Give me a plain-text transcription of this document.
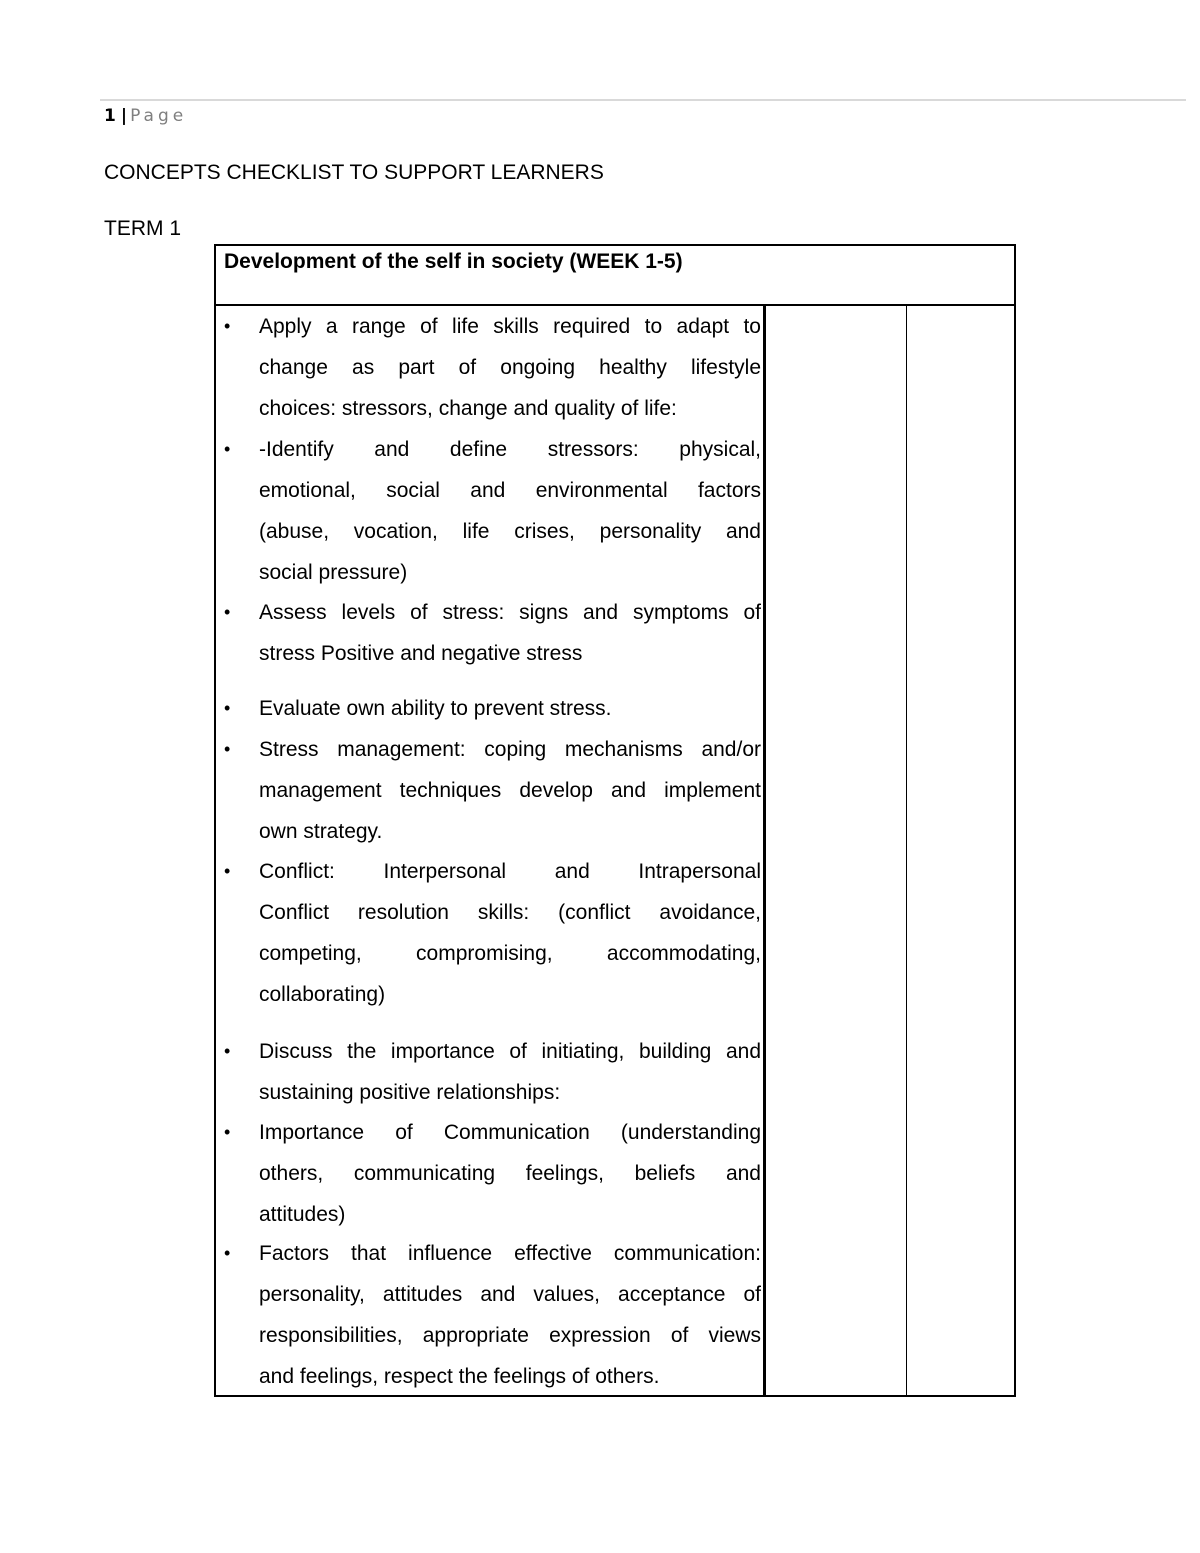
1 | Page
CONCEPTS CHECKLIST TO SUPPORT LEARNERS
TERM 1
Development of the self in society (WEEK 1-5)
•	Apply a range of life skills required to adapt to
change as part of ongoing healthy lifestyle
choices: stressors, change and quality of life:
•	-Identify and define stressors: physical,
emotional, social and environmental factors
(abuse, vocation, life crises, personality and
social pressure)
•	Assess levels of stress: signs and symptoms of
stress Positive and negative stress
•	Evaluate own ability to prevent stress.
•	Stress management: coping mechanisms and/or
management techniques develop and implement
own strategy.
•	Conflict: Interpersonal and Intrapersonal
Conflict resolution skills: (conflict avoidance,
competing, compromising, accommodating,
collaborating)
•	Discuss the importance of initiating, building and
sustaining positive relationships:
•	Importance of Communication (understanding
others, communicating feelings, beliefs and
attitudes)
•	Factors that influence effective communication:
personality, attitudes and values, acceptance of
responsibilities, appropriate expression of views
and feelings, respect the feelings of others.
